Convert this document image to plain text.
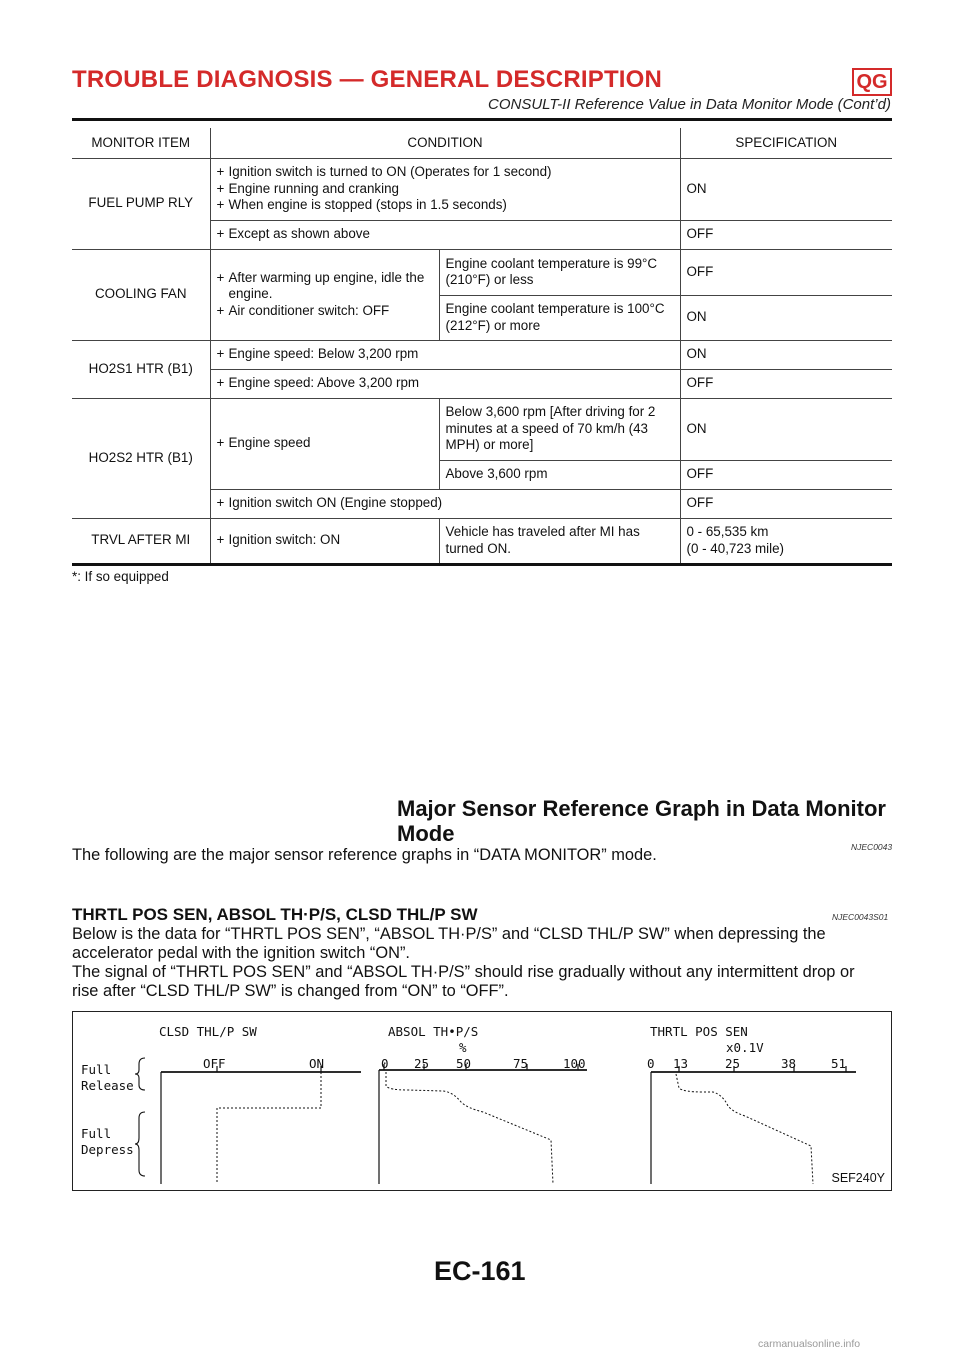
TROUBLE DIAGNOSIS — GENERAL DESCRIPTION	QG
CONSULT-II Reference Value in Data Monitor Mode (Cont’d)
MONITOR ITEM	CONDITION		SPECIFICATION
FUEL PUMP RLY	+ Ignition switch is turned to ON (Operates for 1 second)
+ Engine running and cranking
+ When engine is stopped (stops in 1.5 seconds)		ON

	+ Except as shown above		OFF
COOLING FAN	+ After warming up engine, idle the engine.
+ Air conditioner switch: OFF	Engine coolant temperature is 99°C (210°F) or less	OFF
		Engine coolant temperature is 100°C (212°F) or more	ON
HO2S1 HTR (B1)	+ Engine speed: Below 3,200 rpm		ON

	+ Engine speed: Above 3,200 rpm		OFF
HO2S2 HTR (B1)	+ Engine speed	Below 3,600 rpm [After driving for 2 minutes at a speed of 70 km/h (43 MPH) or more]	ON
		Above 3,600 rpm	OFF

	+ Ignition switch ON (Engine stopped)		OFF
TRVL AFTER MI	+ Ignition switch: ON	Vehicle has traveled after MI has turned ON.	0 - 65,535 km
(0 - 40,723 mile)
*: If so equipped
Major Sensor Reference Graph in Data Monitor
Mode
NJEC0043
The following are the major sensor reference graphs in “DATA MONITOR” mode.
THRTL POS SEN, ABSOL TH·P/S, CLSD THL/P SW	NJEC0043S01
Below is the data for “THRTL POS SEN”, “ABSOL TH·P/S” and “CLSD THL/P SW” when depressing the
accelerator pedal with the ignition switch “ON”.
The signal of “THRTL POS SEN” and “ABSOL TH·P/S” should rise gradually without any intermittent drop or
rise after “CLSD THL/P SW” is changed from “ON” to “OFF”.
CLSD THL/P SW	ABSOL TH•P/S
%
THRTL POS SEN
x0.1V
OFF	ON	0 25 50	75	100	0 13	25	38	51
Full
Release
Full
Depress
SEF240Y
EC-161
carmanualsonline.info
